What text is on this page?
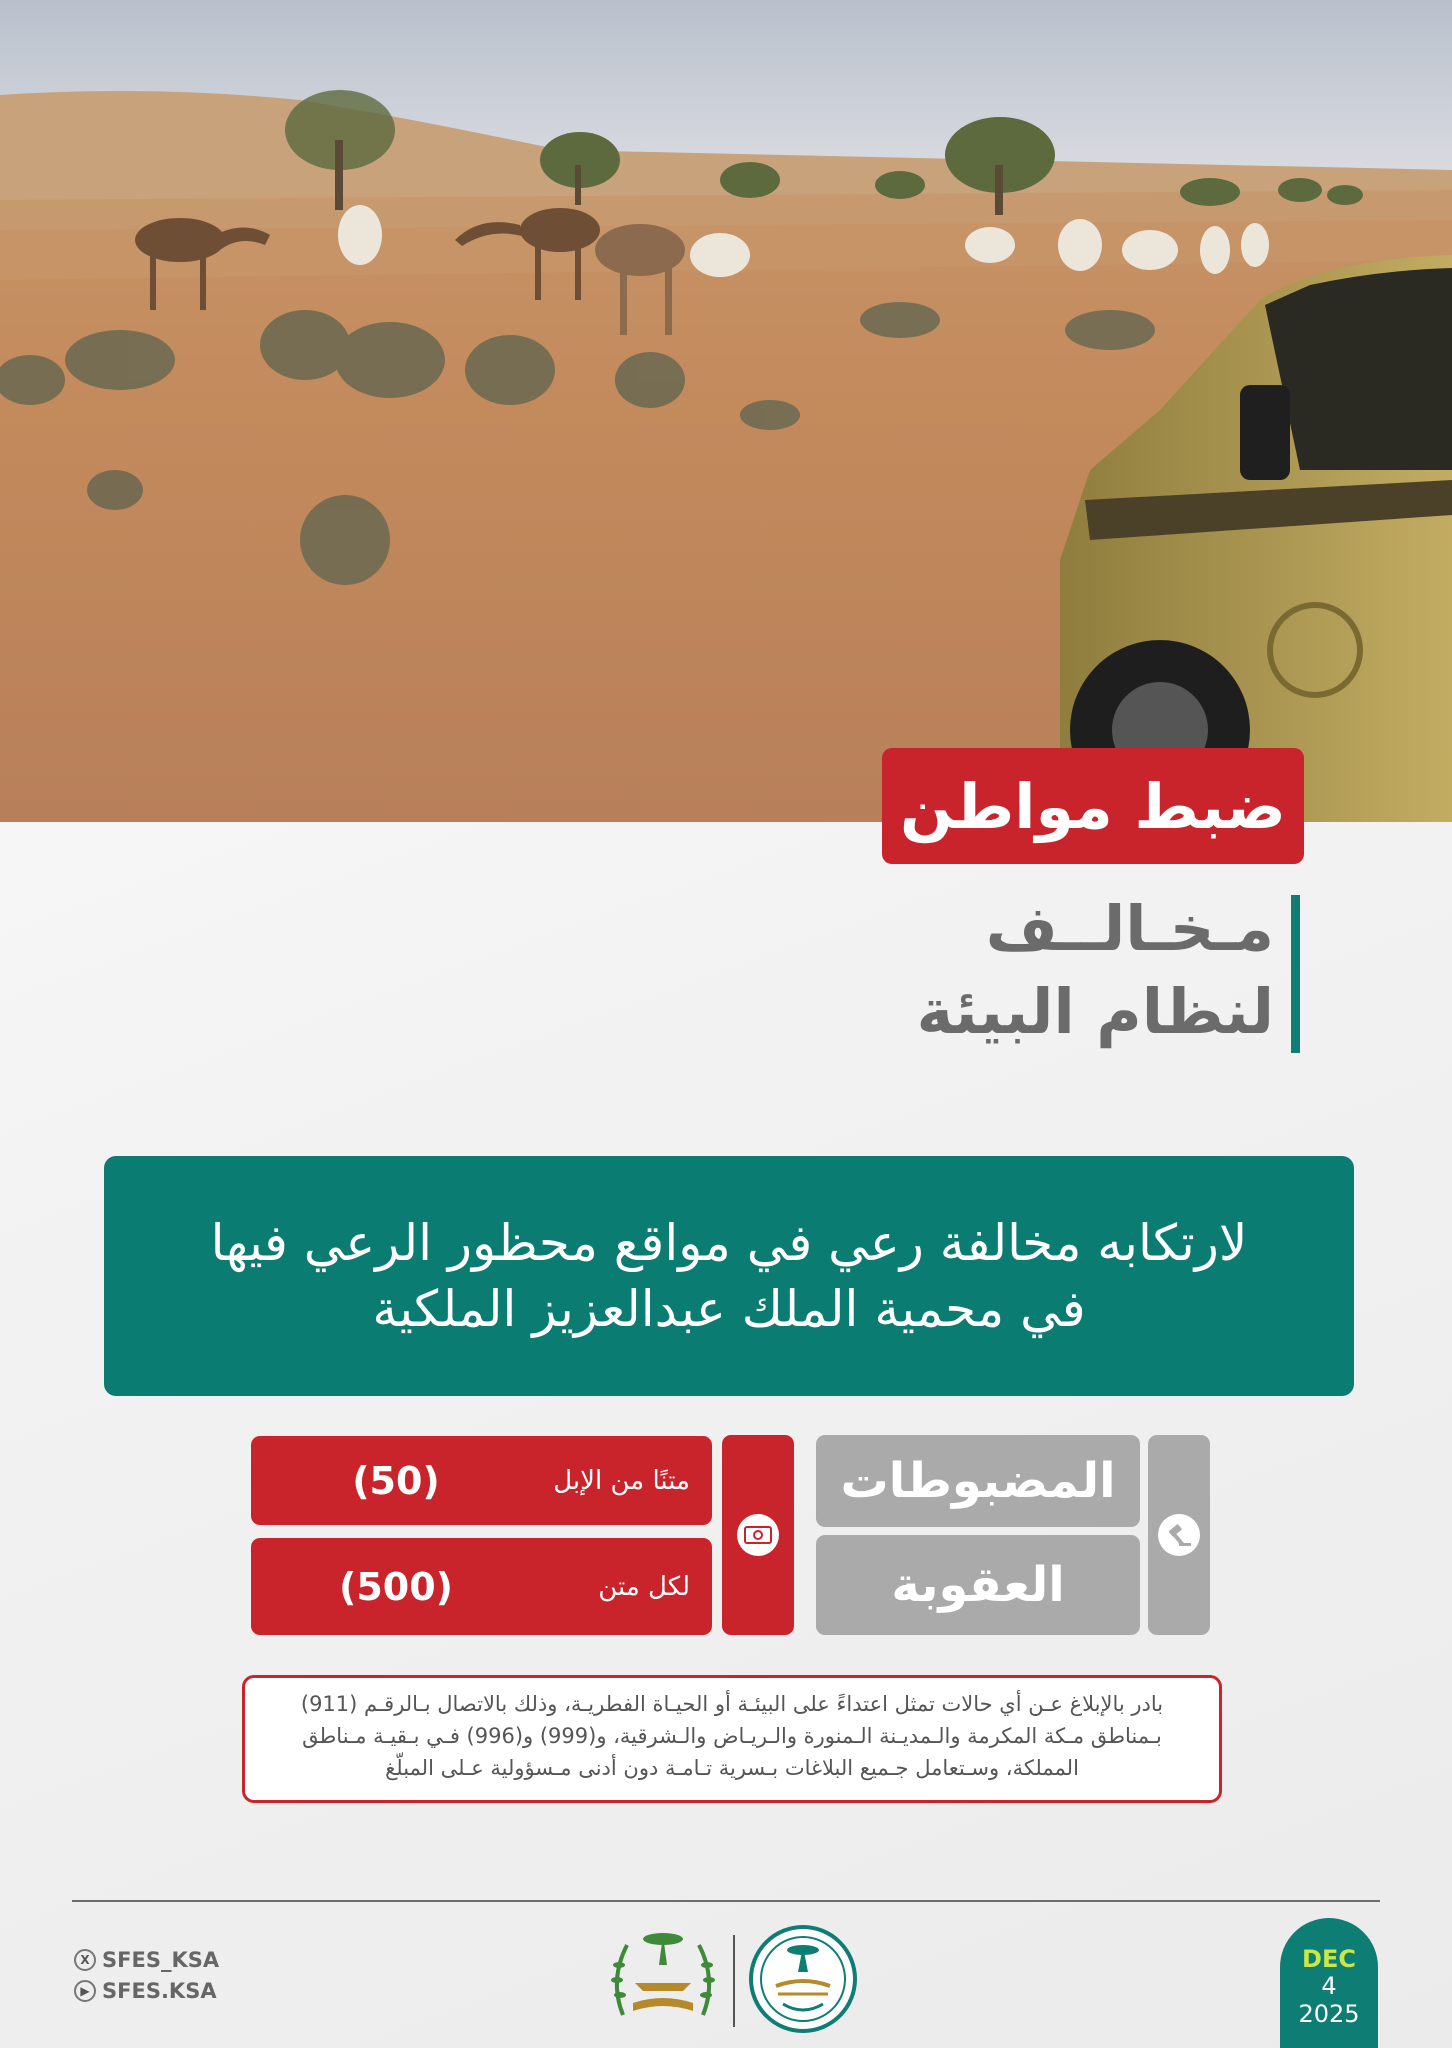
ضبط مواطن
مـخـالــف
لنظام البيئة
لارتكابه مخالفة رعي في مواقع محظور الرعي فيها
في محمية الملك عبدالعزيز الملكية
المضبوطات
العقوبة
(50)	متنًا من الإبل
(500)	لكل متن
بادر بالإبلاغ عـن أي حالات تمثل اعتداءً على البيئـة أو الحيـاة الفطريـة، وذلك بالاتصال بـالرقـم (911)
بـمناطق مـكة المكرمة والـمديـنة الـمنورة والـريـاض والـشرقية، و(999) و(996) فـي بـقيـة مـناطق
المملكة، وسـتعامل جـميع البلاغات بـسرية تـامـة دون أدنى مـسؤولية عـلى المبلّغ
X SFES_KSA
▶ SFES.KSA
DEC
4
2025
